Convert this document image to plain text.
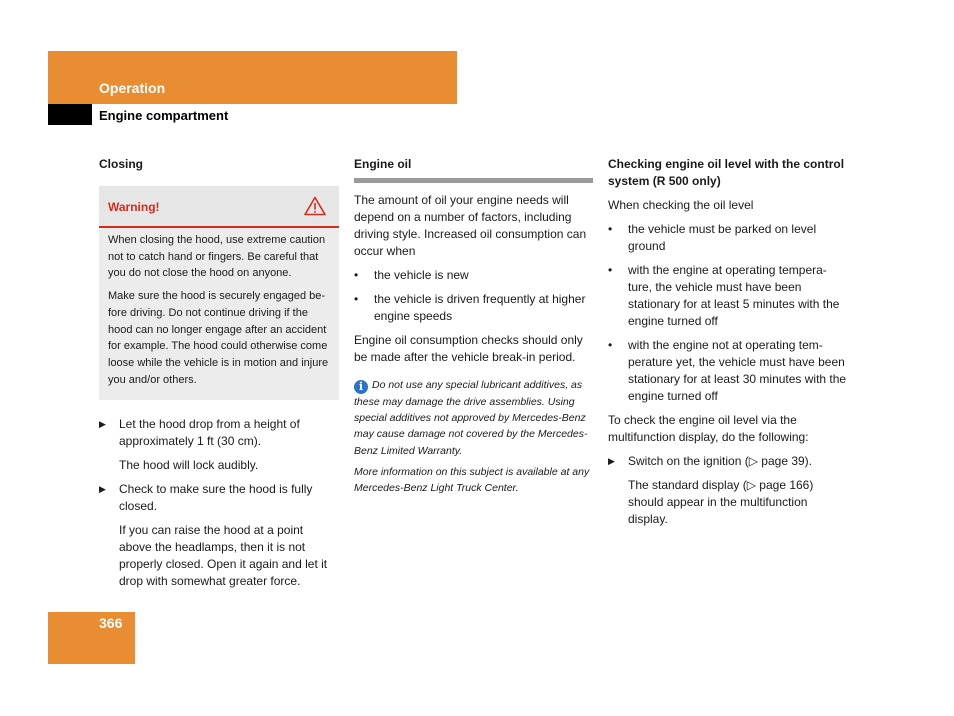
Operation
Engine compartment
Closing
Warning!

When closing the hood, use extreme caution not to catch hand or fingers. Be careful that you do not close the hood on anyone.

Make sure the hood is securely engaged be-fore driving. Do not continue driving if the hood can no longer engage after an accident for example. The hood could otherwise come loose while the vehicle is in motion and injure you and/or others.

▶ Let the hood drop from a height of approximately 1 ft (30 cm).

The hood will lock audibly.

▶ Check to make sure the hood is fully closed.

If you can raise the hood at a point above the headlamps, then it is not properly closed. Open it again and let it drop with somewhat greater force.

Engine oil

The amount of oil your engine needs will depend on a number of factors, including driving style. Increased oil consumption can occur when

• the vehicle is new

• the vehicle is driven frequently at higher engine speeds

Engine oil consumption checks should only be made after the vehicle break-in period.

i Do not use any special lubricant additives, as these may damage the drive assemblies. Using special additives not approved by Mercedes-Benz may cause damage not covered by the Mercedes-Benz Limited Warranty.

More information on this subject is available at any Mercedes-Benz Light Truck Center.

Checking engine oil level with the control system (R 500 only)

When checking the oil level

• the vehicle must be parked on level ground

• with the engine at operating tempera-ture, the vehicle must have been stationary for at least 5 minutes with the engine turned off

• with the engine not at operating tem-perature yet, the vehicle must have been stationary for at least 30 minutes with the engine turned off

To check the engine oil level via the multifunction display, do the following:

▶ Switch on the ignition (▷ page 39).

The standard display (▷ page 166) should appear in the multifunction display.

366
